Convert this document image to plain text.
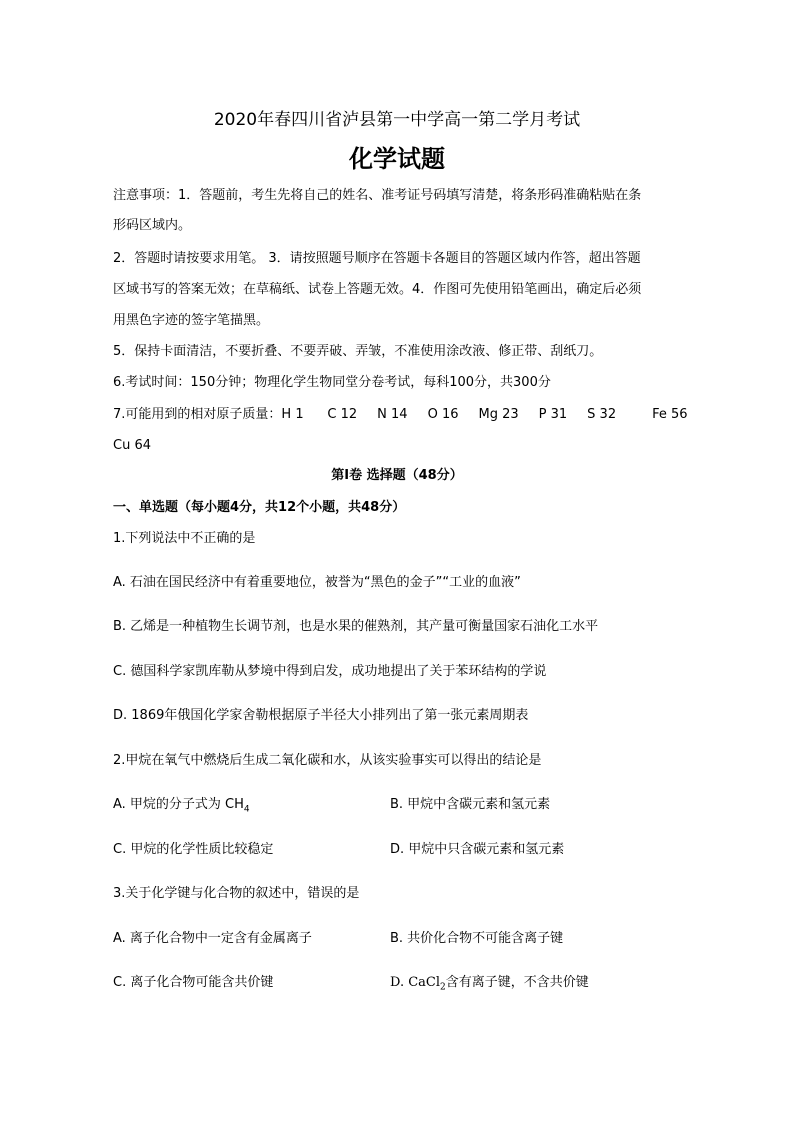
2020年春四川省泸县第一中学高一第二学月考试
化学试题
注意事项：1．答题前，考生先将自己的姓名、准考证号码填写清楚，将条形码准确粘贴在条
形码区域内。
2．答题时请按要求用笔。 3．请按照题号顺序在答题卡各题目的答题区域内作答，超出答题
区域书写的答案无效；在草稿纸、试卷上答题无效。4．作图可先使用铅笔画出，确定后必须
用黑色字迹的签字笔描黑。
5．保持卡面清洁，不要折叠、不要弄破、弄皱，不准使用涂改液、修正带、刮纸刀。
6.考试时间：150分钟；物理化学生物同堂分卷考试，每科100分，共300分
7.可能用到的相对原子质量：H 1 C 12 N 14 O 16 Mg 23 P 31 S 32	Fe 56
Cu 64
第Ⅰ卷 选择题（48分）
一、单选题（每小题4分，共12个小题，共48分）
1.下列说法中不正确的是
A. 石油在国民经济中有着重要地位，被誉为“黑色的金子”“工业的血液”
B. 乙烯是一种植物生长调节剂，也是水果的催熟剂，其产量可衡量国家石油化工水平
C. 德国科学家凯库勒从梦境中得到启发，成功地提出了关于苯环结构的学说
D. 1869年俄国化学家舍勒根据原子半径大小排列出了第一张元素周期表
2.甲烷在氧气中燃烧后生成二氧化碳和水，从该实验事实可以得出的结论是
A. 甲烷的分子式为 $CH_4$	B. 甲烷中含碳元素和氢元素
C. 甲烷的化学性质比较稳定	D. 甲烷中只含碳元素和氢元素
3.关于化学键与化合物的叙述中，错误的是
A. 离子化合物中一定含有金属离子	B. 共价化合物不可能含离子键
C. 离子化合物可能含共价键	D. CaCl$_2$含有离子键，不含共价键
